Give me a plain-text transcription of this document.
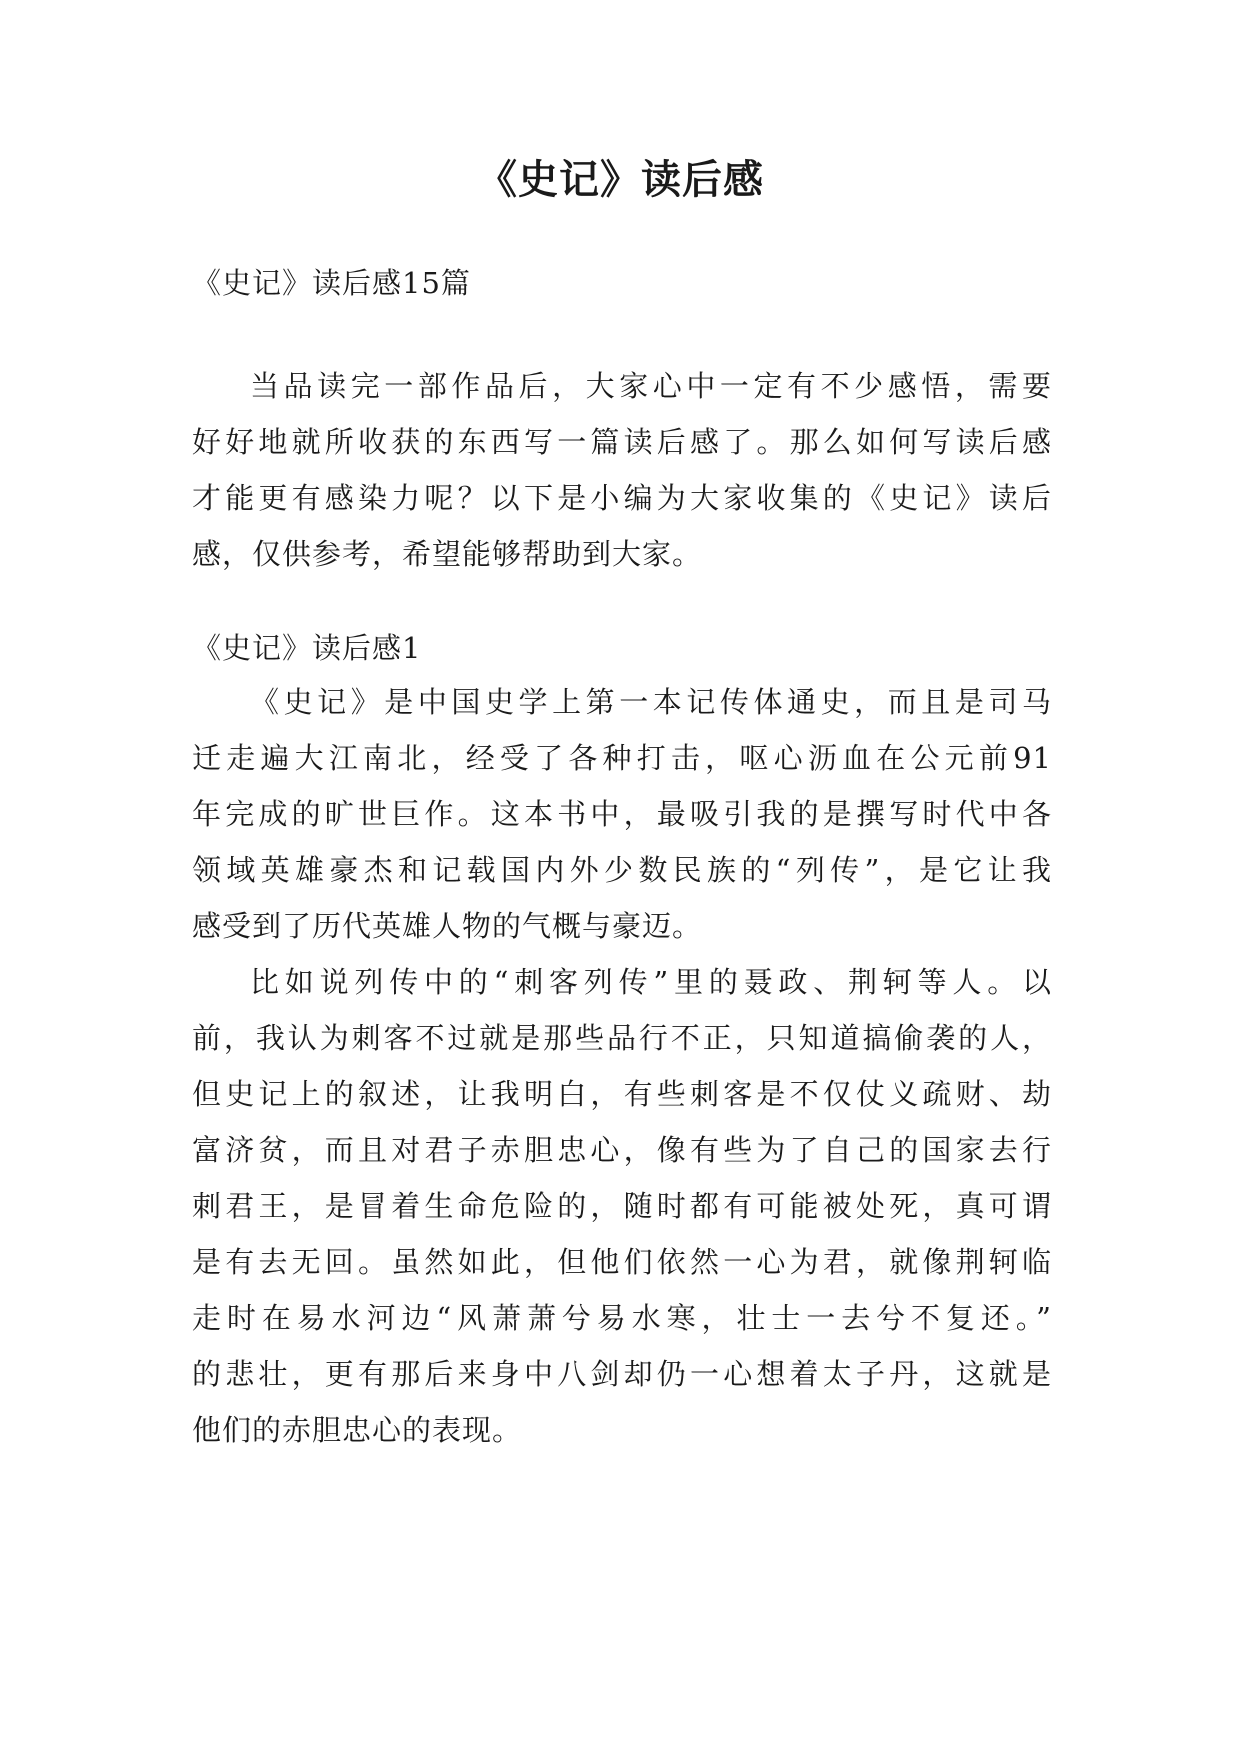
《史记》读后感

《史记》读后感15篇

当品读完一部作品后，大家心中一定有不少感悟，需要

好好地就所收获的东西写一篇读后感了。那么如何写读后感

才能更有感染力呢？以下是小编为大家收集的《史记》读后

感，仅供参考，希望能够帮助到大家。

《史记》读后感1

《史记》是中国史学上第一本记传体通史，而且是司马

迁走遍大江南北，经受了各种打击，呕心沥血在公元前91

年完成的旷世巨作。这本书中，最吸引我的是撰写时代中各

领域英雄豪杰和记载国内外少数民族的“列传”，是它让我

感受到了历代英雄人物的气概与豪迈。

比如说列传中的“刺客列传”里的聂政、荆轲等人。以

前，我认为刺客不过就是那些品行不正，只知道搞偷袭的人，

但史记上的叙述，让我明白，有些刺客是不仅仗义疏财、劫

富济贫，而且对君子赤胆忠心，像有些为了自己的国家去行

刺君王，是冒着生命危险的，随时都有可能被处死，真可谓

是有去无回。虽然如此，但他们依然一心为君，就像荆轲临

走时在易水河边“风萧萧兮易水寒，壮士一去兮不复还。”

的悲壮，更有那后来身中八剑却仍一心想着太子丹，这就是

他们的赤胆忠心的表现。
